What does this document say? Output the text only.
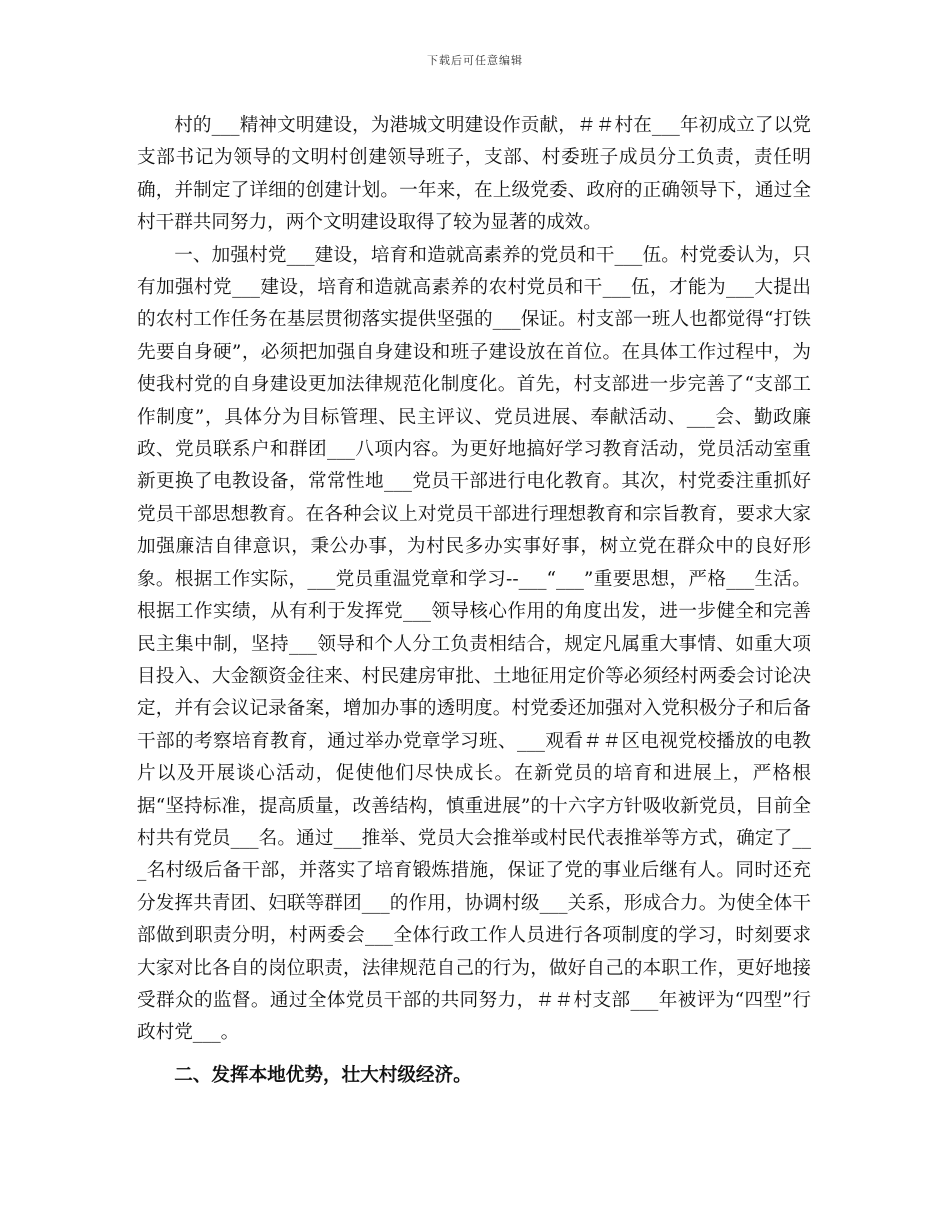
下载后可任意编辑

村的___精神文明建设，为港城文明建设作贡献，＃＃村在___年初成立了以党支部书记为领导的文明村创建领导班子，支部、村委班子成员分工负责，责任明确，并制定了详细的创建计划。一年来，在上级党委、政府的正确领导下，通过全村干群共同努力，两个文明建设取得了较为显著的成效。

一、加强村党___建设，培育和造就高素养的党员和干___伍。村党委认为，只有加强村党___建设，培育和造就高素养的农村党员和干___伍，才能为___大提出的农村工作任务在基层贯彻落实提供坚强的___保证。村支部一班人也都觉得“打铁先要自身硬”，必须把加强自身建设和班子建设放在首位。在具体工作过程中，为使我村党的自身建设更加法律规范化制度化。首先，村支部进一步完善了“支部工作制度”，具体分为目标管理、民主评议、党员进展、奉献活动、___会、勤政廉政、党员联系户和群团___八项内容。为更好地搞好学习教育活动，党员活动室重新更换了电教设备，常常性地___党员干部进行电化教育。其次，村党委注重抓好党员干部思想教育。在各种会议上对党员干部进行理想教育和宗旨教育，要求大家加强廉洁自律意识，秉公办事，为村民多办实事好事，树立党在群众中的良好形象。根据工作实际，___党员重温党章和学习--___“___”重要思想，严格___生活。根据工作实绩，从有利于发挥党___领导核心作用的角度出发，进一步健全和完善民主集中制，坚持___领导和个人分工负责相结合，规定凡属重大事情、如重大项目投入、大金额资金往来、村民建房审批、土地征用定价等必须经村两委会讨论决定，并有会议记录备案，增加办事的透明度。村党委还加强对入党积极分子和后备干部的考察培育教育，通过举办党章学习班、___观看＃＃区电视党校播放的电教片以及开展谈心活动，促使他们尽快成长。在新党员的培育和进展上，严格根据“坚持标准，提高质量，改善结构，慎重进展”的十六字方针吸收新党员，目前全村共有党员___名。通过___推举、党员大会推举或村民代表推举等方式，确定了___名村级后备干部，并落实了培育锻炼措施，保证了党的事业后继有人。同时还充分发挥共青团、妇联等群团___的作用，协调村级___关系，形成合力。为使全体干部做到职责分明，村两委会___全体行政工作人员进行各项制度的学习，时刻要求大家对比各自的岗位职责，法律规范自己的行为，做好自己的本职工作，更好地接受群众的监督。通过全体党员干部的共同努力，＃＃村支部___年被评为“四型”行政村党___。

二、发挥本地优势，壮大村级经济。
